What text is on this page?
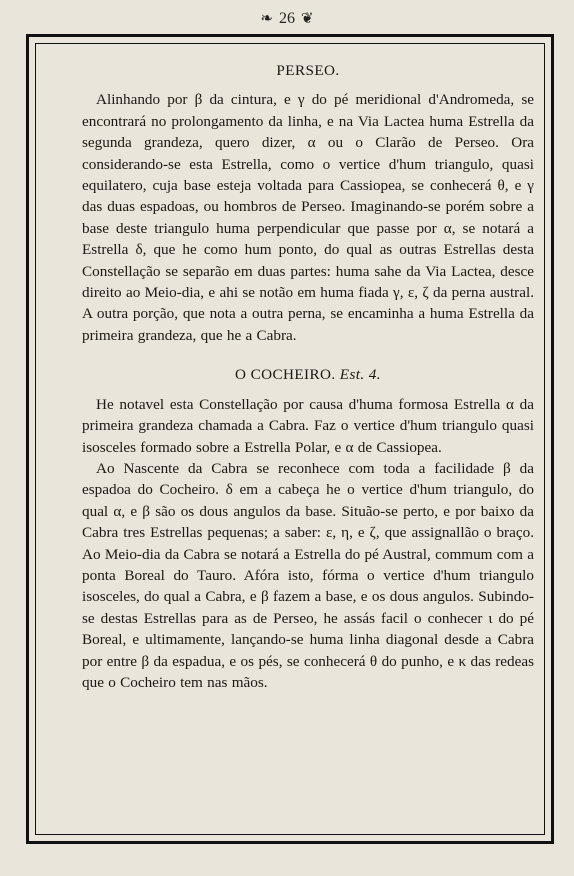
❧ 26 ❦
PERSEO.

Alinhando por β da cintura, e γ do pé meridional d'Andromeda, se encontrará no prolongamento da linha, e na Via Lactea huma Estrella da segunda grandeza, quero dizer, α ou o Clarão de Perseo. Ora considerando-se esta Estrella, como o vertice d'hum triangulo, quasi equilatero, cuja base esteja voltada para Cassiopea, se conhecerá θ, e γ das duas espadoas, ou hombros de Perseo. Imaginando-se porém sobre a base deste triangulo huma perpendicular que passe por α, se notará a Estrella δ, que he como hum ponto, do qual as outras Estrellas desta Constellação se separão em duas partes: huma sahe da Via Lactea, desce direito ao Meio-dia, e ahi se notão em huma fiada γ, ε, ζ da perna austral. A outra porção, que nota a outra perna, se encaminha a huma Estrella da primeira grandeza, que he a Cabra.

O COCHEIRO. Est. 4.

He notavel esta Constellação por causa d'huma formosa Estrella α da primeira grandeza chamada a Cabra. Faz o vertice d'hum triangulo quasi isosceles formado sobre a Estrella Polar, e α de Cassiopea.

Ao Nascente da Cabra se reconhece com toda a facilidade β da espadoa do Cocheiro. δ em a cabeça he o vertice d'hum triangulo, do qual α, e β são os dous angulos da base. Situão-se perto, e por baixo da Cabra tres Estrellas pequenas; a saber: ε, η, e ζ, que assignallão o braço. Ao Meio-dia da Cabra se notará a Estrella do pé Austral, commum com a ponta Boreal do Tauro. Afóra isto, fórma o vertice d'hum triangulo isosceles, do qual a Cabra, e β fazem a base, e os dous angulos. Subindo-se destas Estrellas para as de Perseo, he assás facil o conhecer ι do pé Boreal, e ultimamente, lançando-se huma linha diagonal desde a Cabra por entre β da espadua, e os pés, se conhecerá θ do punho, e κ das redeas que o Cocheiro tem nas mãos.
